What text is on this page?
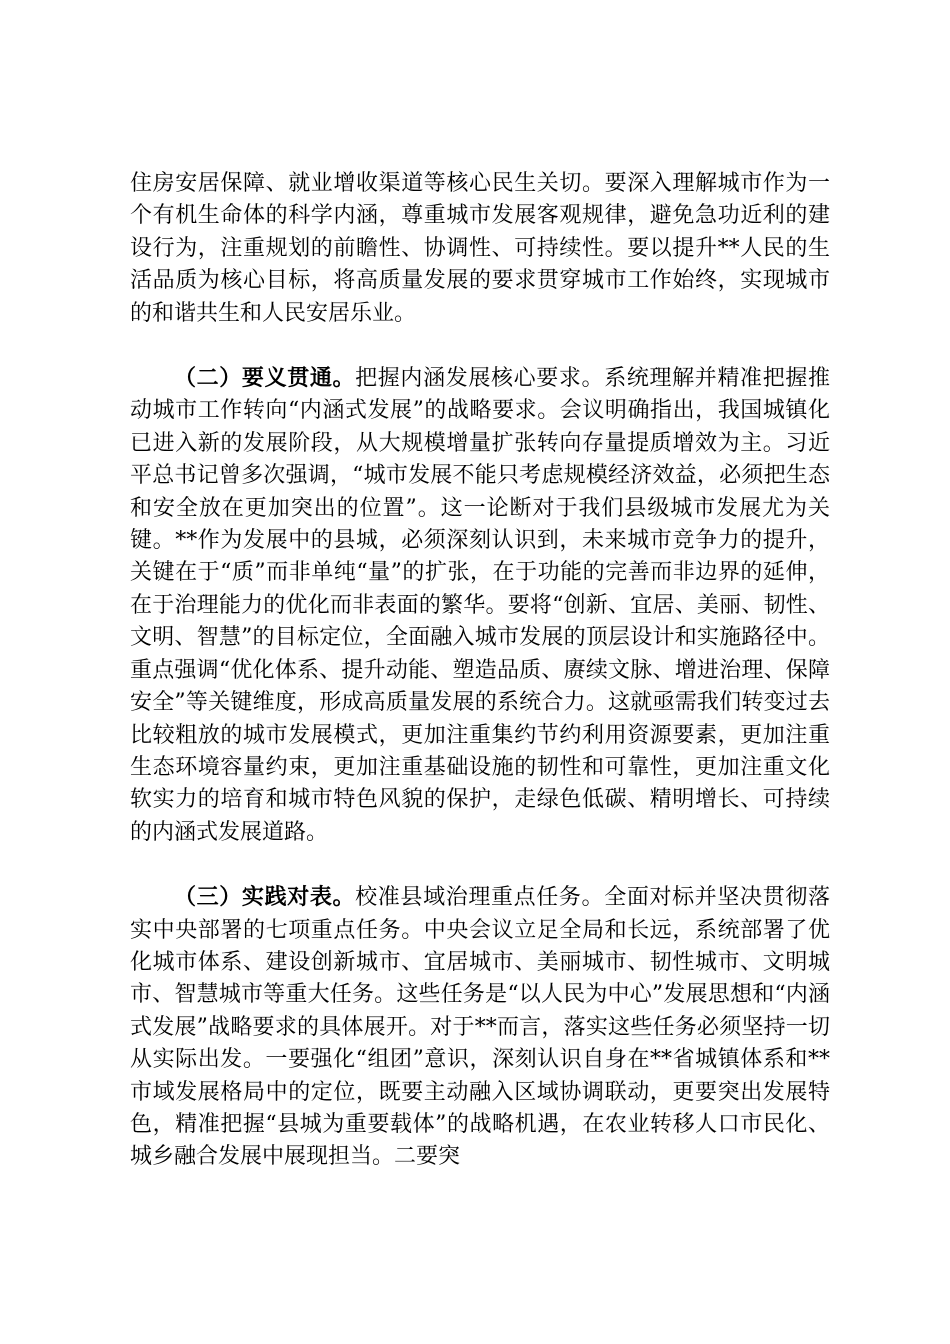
住房安居保障、就业增收渠道等核心民生关切。要深入理解城市作为一个有机生命体的科学内涵，尊重城市发展客观规律，避免急功近利的建设行为，注重规划的前瞻性、协调性、可持续性。要以提升**人民的生活品质为核心目标，将高质量发展的要求贯穿城市工作始终，实现城市的和谐共生和人民安居乐业。

（二）要义贯通。把握内涵发展核心要求。系统理解并精准把握推动城市工作转向“内涵式发展”的战略要求。会议明确指出，我国城镇化已进入新的发展阶段，从大规模增量扩张转向存量提质增效为主。习近平总书记曾多次强调，“城市发展不能只考虑规模经济效益，必须把生态和安全放在更加突出的位置”。这一论断对于我们县级城市发展尤为关键。**作为发展中的县城，必须深刻认识到，未来城市竞争力的提升，关键在于“质”而非单纯“量”的扩张，在于功能的完善而非边界的延伸，在于治理能力的优化而非表面的繁华。要将“创新、宜居、美丽、韧性、文明、智慧”的目标定位，全面融入城市发展的顶层设计和实施路径中。重点强调“优化体系、提升动能、塑造品质、赓续文脉、增进治理、保障安全”等关键维度，形成高质量发展的系统合力。这就亟需我们转变过去比较粗放的城市发展模式，更加注重集约节约利用资源要素，更加注重生态环境容量约束，更加注重基础设施的韧性和可靠性，更加注重文化软实力的培育和城市特色风貌的保护，走绿色低碳、精明增长、可持续的内涵式发展道路。

（三）实践对表。校准县域治理重点任务。全面对标并坚决贯彻落实中央部署的七项重点任务。中央会议立足全局和长远，系统部署了优化城市体系、建设创新城市、宜居城市、美丽城市、韧性城市、文明城市、智慧城市等重大任务。这些任务是“以人民为中心”发展思想和“内涵式发展”战略要求的具体展开。对于**而言，落实这些任务必须坚持一切从实际出发。一要强化“组团”意识，深刻认识自身在**省城镇体系和**市域发展格局中的定位，既要主动融入区域协调联动，更要突出发展特色，精准把握“县城为重要载体”的战略机遇，在农业转移人口市民化、城乡融合发展中展现担当。二要突
